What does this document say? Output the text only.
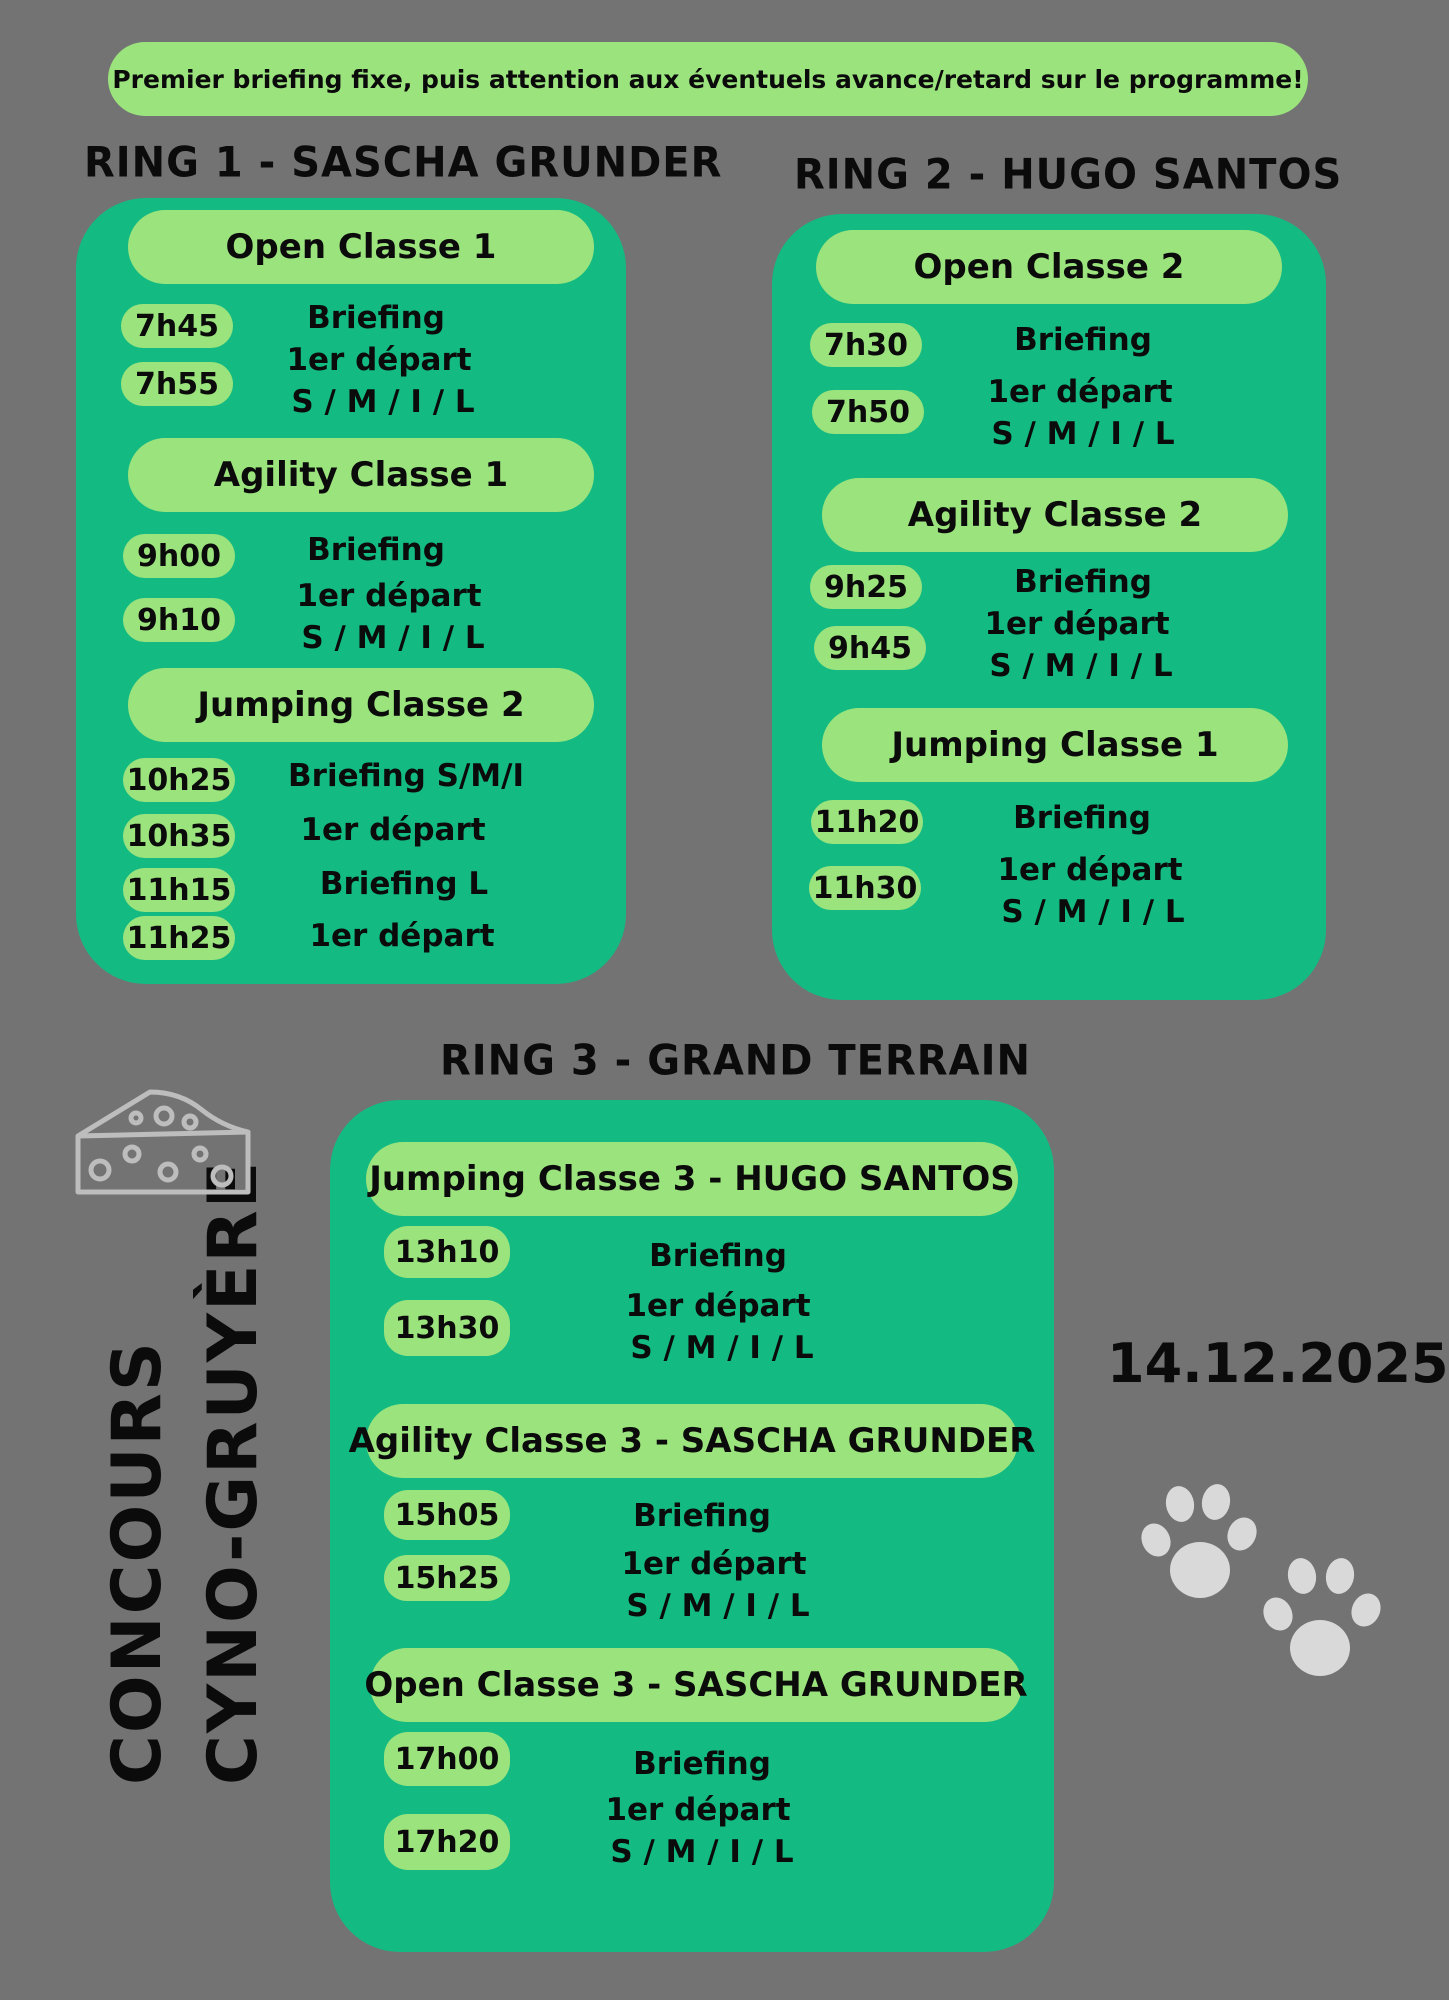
Premier briefing fixe, puis attention aux éventuels avance/retard sur le programme!
RING 1 - SASCHA GRUNDER
Open Classe 1
7h45
7h55
Briefing
1er départ
S / M / I / L
Agility Classe 1
9h00
9h10
Briefing
1er départ
S / M / I / L
Jumping Classe 2
10h25
10h35
11h15
11h25
Briefing S/M/I
1er départ
Briefing L
1er départ
RING 2 - HUGO SANTOS
Open Classe 2
7h30
7h50
Briefing
1er départ
S / M / I / L
Agility Classe 2
9h25
9h45
Briefing
1er départ
S / M / I / L
Jumping Classe 1
11h20
11h30
Briefing
1er départ
S / M / I / L
RING 3 - GRAND TERRAIN
Jumping Classe 3 - HUGO SANTOS
13h10
13h30
Briefing
1er départ
S / M / I / L
Agility Classe 3 - SASCHA GRUNDER
15h05
15h25
Briefing
1er départ
S / M / I / L
Open Classe 3 - SASCHA GRUNDER
17h00
17h20
Briefing
1er départ
S / M / I / L
CONCOURS CYNO-GRUYÈRE	14.12.2025
